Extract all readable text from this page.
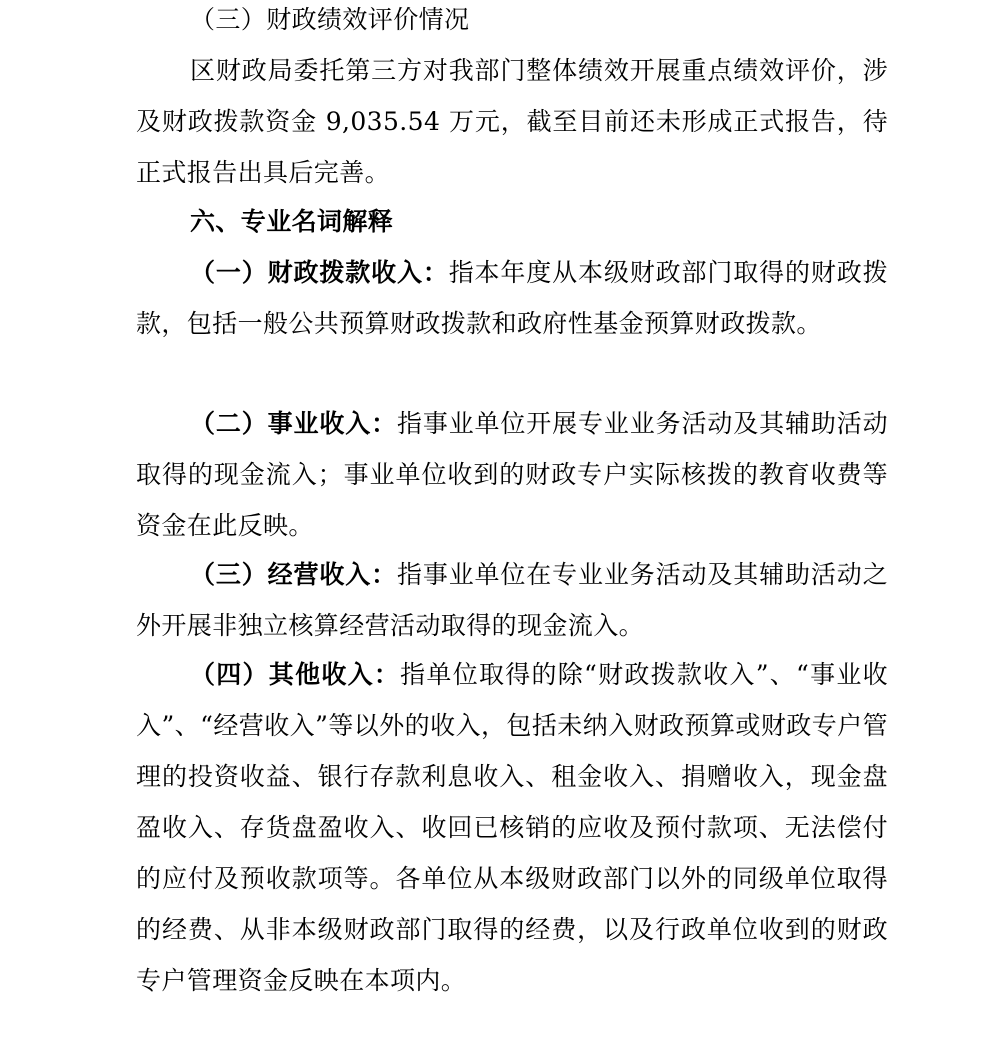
（三）财政绩效评价情况

区财政局委托第三方对我部门整体绩效开展重点绩效评价，涉及财政拨款资金 9,035.54 万元，截至目前还未形成正式报告，待正式报告出具后完善。

六、专业名词解释

（一）财政拨款收入：指本年度从本级财政部门取得的财政拨款，包括一般公共预算财政拨款和政府性基金预算财政拨款。

（二）事业收入：指事业单位开展专业业务活动及其辅助活动取得的现金流入；事业单位收到的财政专户实际核拨的教育收费等资金在此反映。

（三）经营收入：指事业单位在专业业务活动及其辅助活动之外开展非独立核算经营活动取得的现金流入。

（四）其他收入：指单位取得的除“财政拨款收入”、“事业收入”、“经营收入”等以外的收入，包括未纳入财政预算或财政专户管理的投资收益、银行存款利息收入、租金收入、捐赠收入，现金盘盈收入、存货盘盈收入、收回已核销的应收及预付款项、无法偿付的应付及预收款项等。各单位从本级财政部门以外的同级单位取得的经费、从非本级财政部门取得的经费，以及行政单位收到的财政专户管理资金反映在本项内。
